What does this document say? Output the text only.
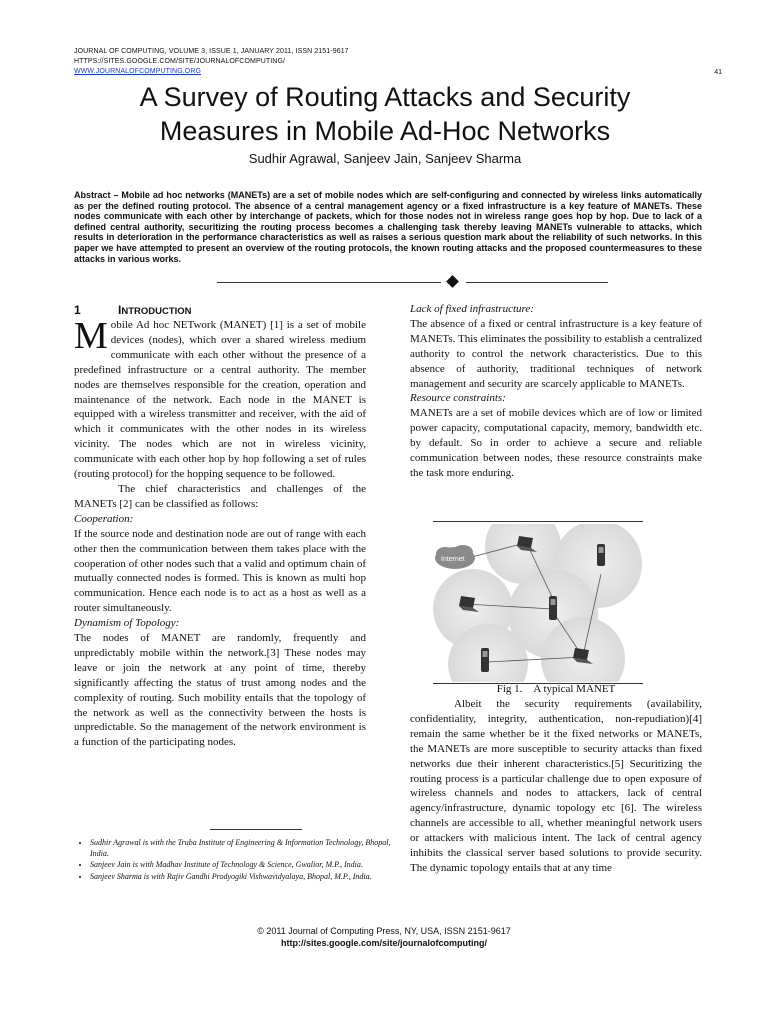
JOURNAL OF COMPUTING, VOLUME 3, ISSUE 1, JANUARY 2011, ISSN 2151-9617
HTTPS://SITES.GOOGLE.COM/SITE/JOURNALOFCOMPUTING/
WWW.JOURNALOFCOMPUTING.ORG	41
A Survey of Routing Attacks and Security
Measures in Mobile Ad-Hoc Networks
Sudhir Agrawal, Sanjeev Jain, Sanjeev Sharma
Abstract – Mobile ad hoc networks (MANETs) are a set of mobile nodes which are self-configuring and connected by wireless links automatically as per the defined routing protocol. The absence of a central management agency or a fixed infrastructure is a key feature of MANETs. These nodes communicate with each other by interchange of packets, which for those nodes not in wireless range goes hop by hop. Due to lack of a defined central authority, securitizing the routing process becomes a challenging task thereby leaving MANETs vulnerable to attacks, which results in deterioration in the performance characteristics as well as raises a serious question mark about the reliability of such networks. In this paper we have attempted to present an overview of the routing protocols, the known routing attacks and the proposed countermeasures to these attacks in various works.
1	INTRODUCTION

Mobile Ad hoc NETwork (MANET) [1] is a set of mobile devices (nodes), which over a shared wireless medium communicate with each other without the presence of a predefined infrastructure or a central authority. The member nodes are themselves responsible for the creation, operation and maintenance of the network. Each node in the MANET is equipped with a wireless transmitter and receiver, with the aid of which it communicates with the other nodes in its wireless vicinity. The nodes which are not in wireless vicinity, communicate with each other hop by hop following a set of rules (routing protocol) for the hopping sequence to be followed.

The chief characteristics and challenges of the MANETs [2] can be classified as follows:

Cooperation:

If the source node and destination node are out of range with each other then the communication between them takes place with the cooperation of other nodes such that a valid and optimum chain of mutually connected nodes is formed. This is known as multi hop communication. Hence each node is to act as a host as well as a router simultaneously.

Dynamism of Topology:

The nodes of MANET are randomly, frequently and unpredictably mobile within the network.[3] These nodes may leave or join the network at any point of time, thereby significantly affecting the status of trust among nodes and the complexity of routing. Such mobility entails that the topology of the network as well as the connectivity between the hosts is unpredictable. So the management of the network environment is a function of the participating nodes.

• Sudhir Agrawal is with the Truba Institute of Engineering & Information Technology, Bhopal, India.
• Sanjeev Jain is with Madhav Institute of Technology & Science, Gwalior, M.P., India.
• Sanjeev Sharma is with Rajiv Gandhi Prodyogiki Vishwavidyalaya, Bhopal, M.P., India.

Lack of fixed infrastructure:

The absence of a fixed or central infrastructure is a key feature of MANETs. This eliminates the possibility to establish a centralized authority to control the network characteristics. Due to this absence of authority, traditional techniques of network management and security are scarcely applicable to MANETs.

Resource constraints:

MANETs are a set of mobile devices which are of low or limited power capacity, computational capacity, memory, bandwidth etc. by default. So in order to achieve a secure and reliable communication between nodes, these resource constraints make the task more enduring.

Internet
Fig 1. A typical MANET

Albeit the security requirements (availability, confidentiality, integrity, authentication, non-repudiation)[4] remain the same whether be it the fixed networks or MANETs, the MANETs are more susceptible to security attacks than fixed networks due their inherent characteristics.[5] Securitizing the routing process is a particular challenge due to open exposure of wireless channels and nodes to attackers, lack of central agency/infrastructure, dynamic topology etc [6]. The wireless channels are accessible to all, whether meaningful network users or attackers with malicious intent. The lack of central agency inhibits the classical server based solutions to provide security. The dynamic topology entails that at any time

© 2011 Journal of Computing Press, NY, USA, ISSN 2151-9617
http://sites.google.com/site/journalofcomputing/
